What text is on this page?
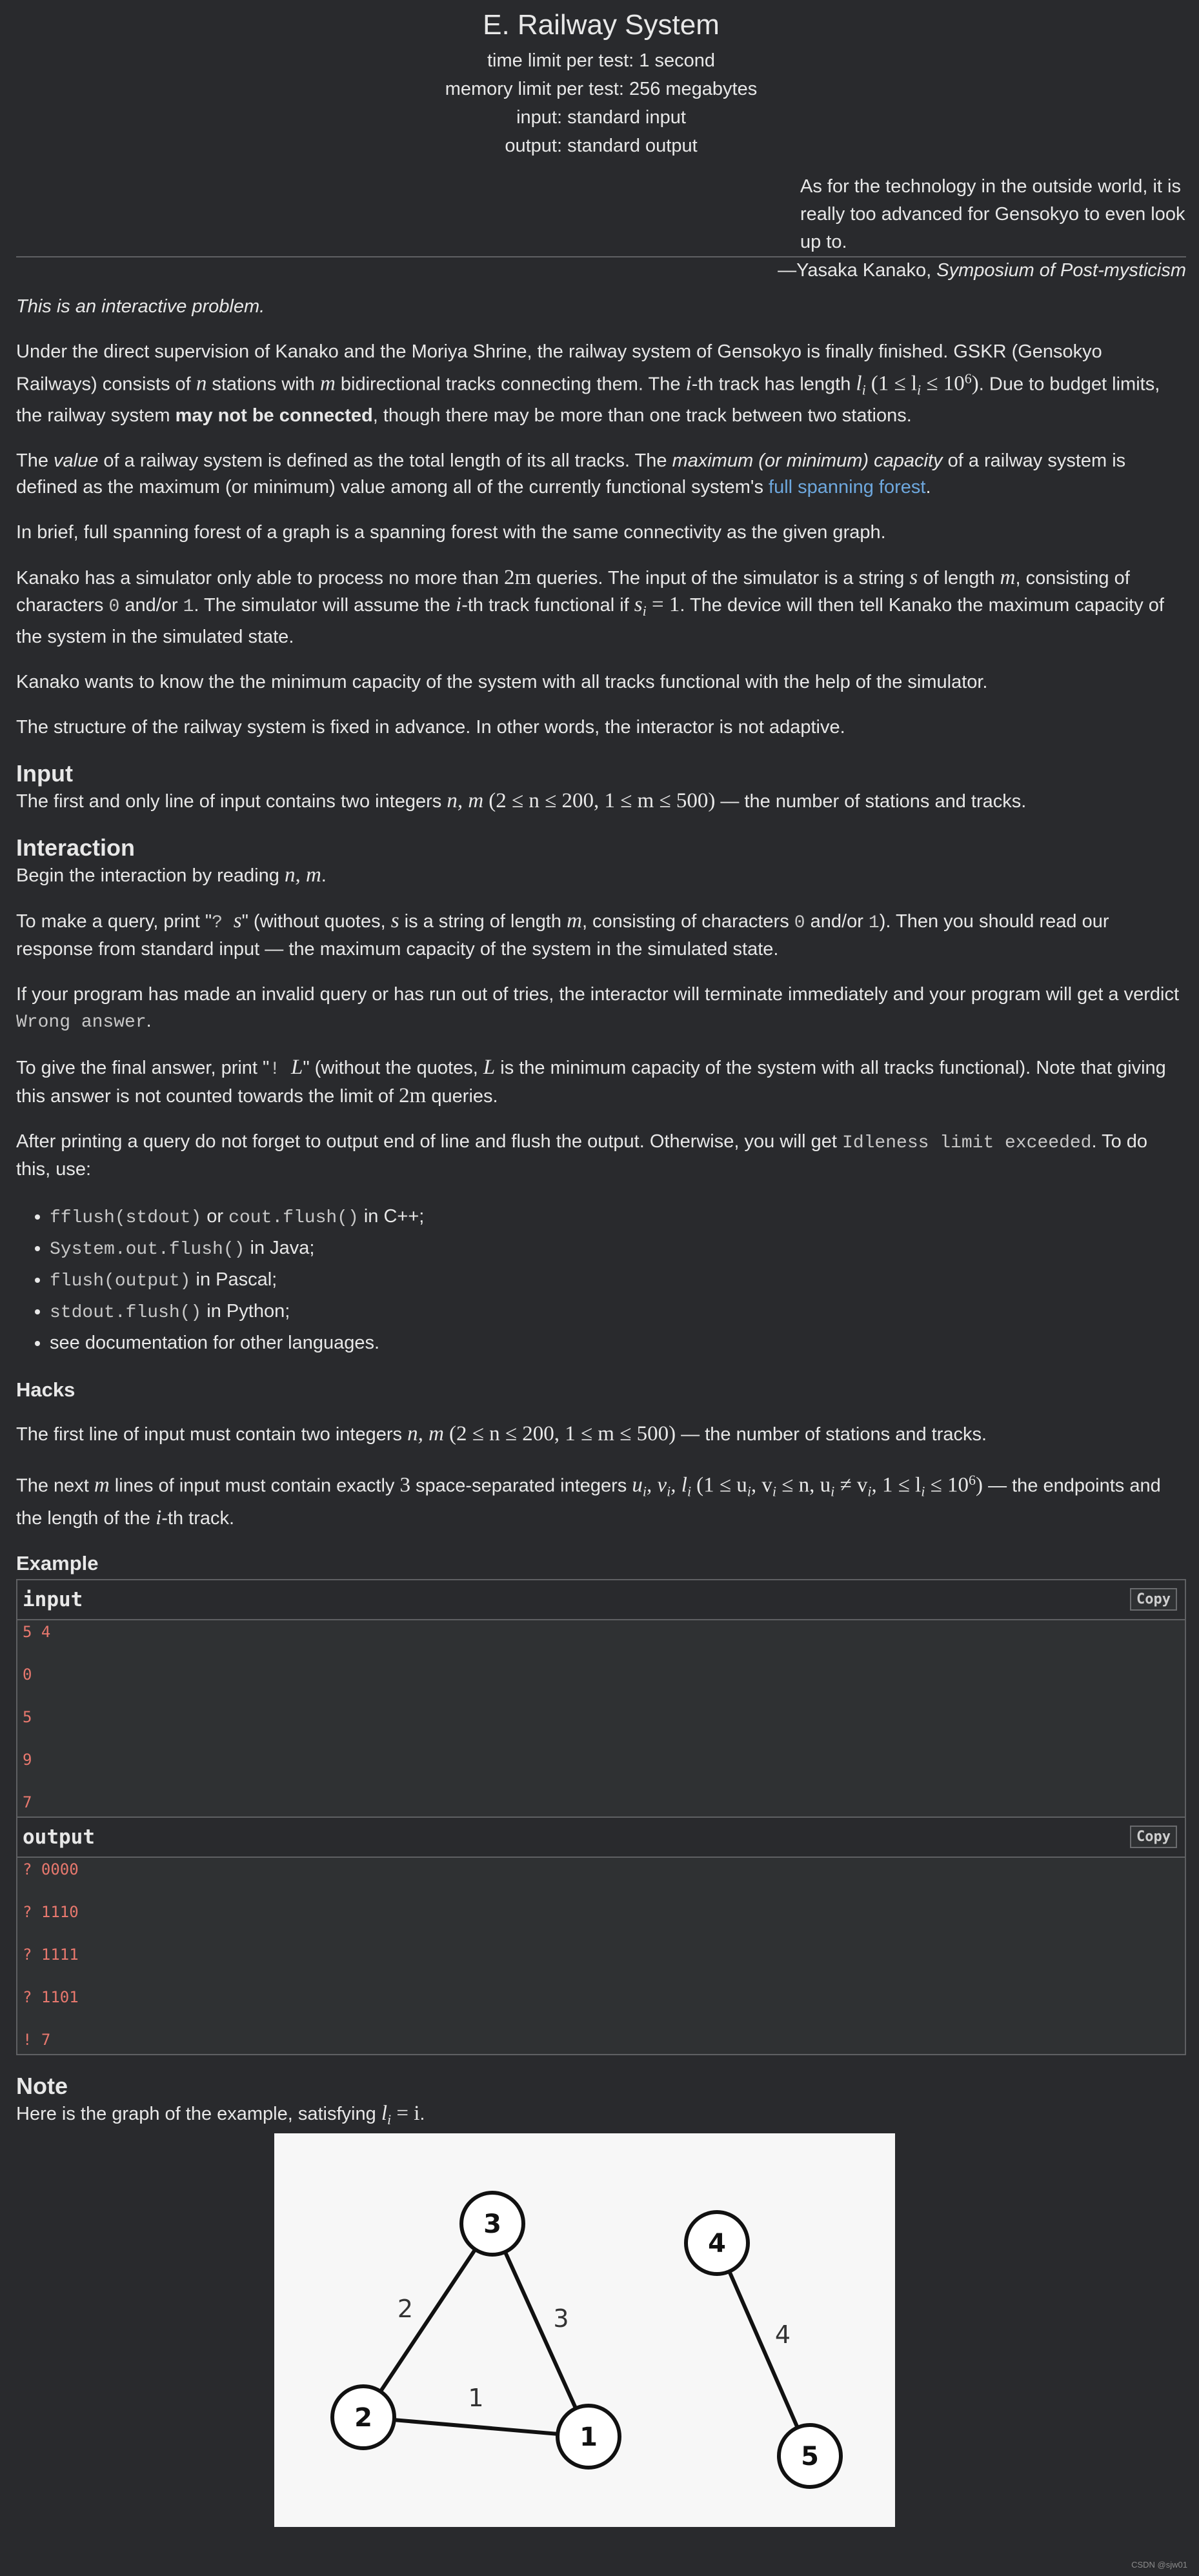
E. Railway System
time limit per test: 1 second
memory limit per test: 256 megabytes
input: standard input
output: standard output
As for the technology in the outside world, it is really too advanced for Gensokyo to even look up to.
—Yasaka Kanako, Symposium of Post-mysticism

This is an interactive problem.

Under the direct supervision of Kanako and the Moriya Shrine, the railway system of Gensokyo is finally finished. GSKR (Gensokyo Railways) consists of n stations with m bidirectional tracks connecting them. The i-th track has length $l_i$ $(1 \le l_i \le 10^6)$. Due to budget limits, the railway system may not be connected, though there may be more than one track between two stations.

The value of a railway system is defined as the total length of its all tracks. The maximum (or minimum) capacity of a railway system is defined as the maximum (or minimum) value among all of the currently functional system's full spanning forest.

In brief, full spanning forest of a graph is a spanning forest with the same connectivity as the given graph.

Kanako has a simulator only able to process no more than 2m queries. The input of the simulator is a string s of length m, consisting of characters 0 and/or 1. The simulator will assume the i-th track functional if $s_i = 1$. The device will then tell Kanako the maximum capacity of the system in the simulated state.

Kanako wants to know the the minimum capacity of the system with all tracks functional with the help of the simulator.

The structure of the railway system is fixed in advance. In other words, the interactor is not adaptive.

Input

The first and only line of input contains two integers n, m (2 ≤ n ≤ 200, 1 ≤ m ≤ 500) — the number of stations and tracks.

Interaction

Begin the interaction by reading n, m.

To make a query, print "? s" (without quotes, s is a string of length m, consisting of characters 0 and/or 1). Then you should read our response from standard input — the maximum capacity of the system in the simulated state.

If your program has made an invalid query or has run out of tries, the interactor will terminate immediately and your program will get a verdict Wrong answer.

To give the final answer, print "! L" (without the quotes, L is the minimum capacity of the system with all tracks functional). Note that giving this answer is not counted towards the limit of 2m queries.

After printing a query do not forget to output end of line and flush the output. Otherwise, you will get Idleness limit exceeded. To do this, use:

• fflush(stdout) or cout.flush() in C++;
• System.out.flush() in Java;
• flush(output) in Pascal;
• stdout.flush() in Python;
• see documentation for other languages.
Hacks

The first line of input must contain two integers n, m (2 ≤ n ≤ 200, 1 ≤ m ≤ 500) — the number of stations and tracks.

The next m lines of input must contain exactly 3 space-separated integers $u_i$, $v_i$, $l_i$ ($1 \le u_i$, $v_i \le n$, $u_i \ne v_i$, $1 \le l_i \le 10^6$) — the endpoints and the length of the i-th track.

Example
input	Copy
5 4
0
5
9
7
output	Copy
? 0000
? 1110
? 1111
? 1101
! 7
Note

Here is the graph of the example, satisfying $l_i = i$.

2	3
1
4
3
2
1
4
5
CSDN @sjw01
